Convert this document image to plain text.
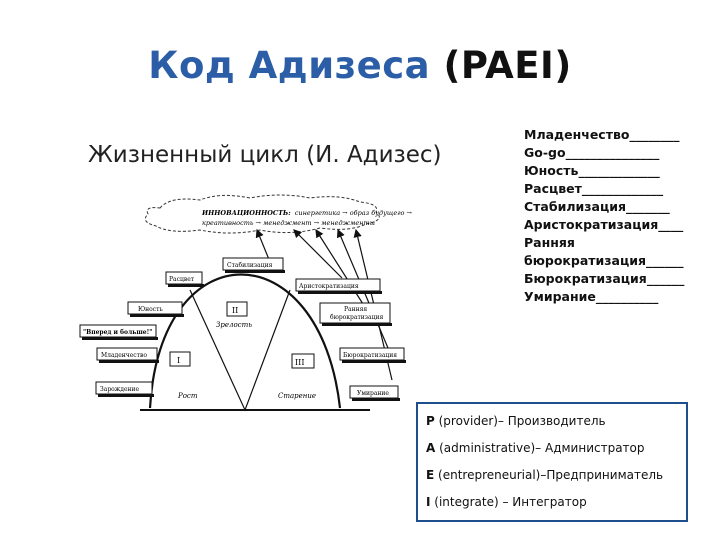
Код Адизеса (PAEI)
Жизненный цикл (И. Адизес)
Младенчество________
Go-go_______________
Юность_____________
Расцвет_____________
Стабилизация_______
Аристократизация____
Ранняя
бюрократизация______
Бюрократизация______
Умирание__________
ИННОВАЦИОННОСТЬ: синергетика → образ будущего →
креативность → менеджмент → менеджменты
Стабилизация
Расцвет
Аристократизация
Юность	Ранняя
бюрократизация
"Вперед и больше!"
Младенчество	Бюрократизация
Зарождение
Умирание
I
II
III
Зрелость
Рост	Старение
P (provider)– Производитель
A (administrative)– Администратор
E (entrepreneurial)–Предприниматель
I (integrate) – Интегратор
